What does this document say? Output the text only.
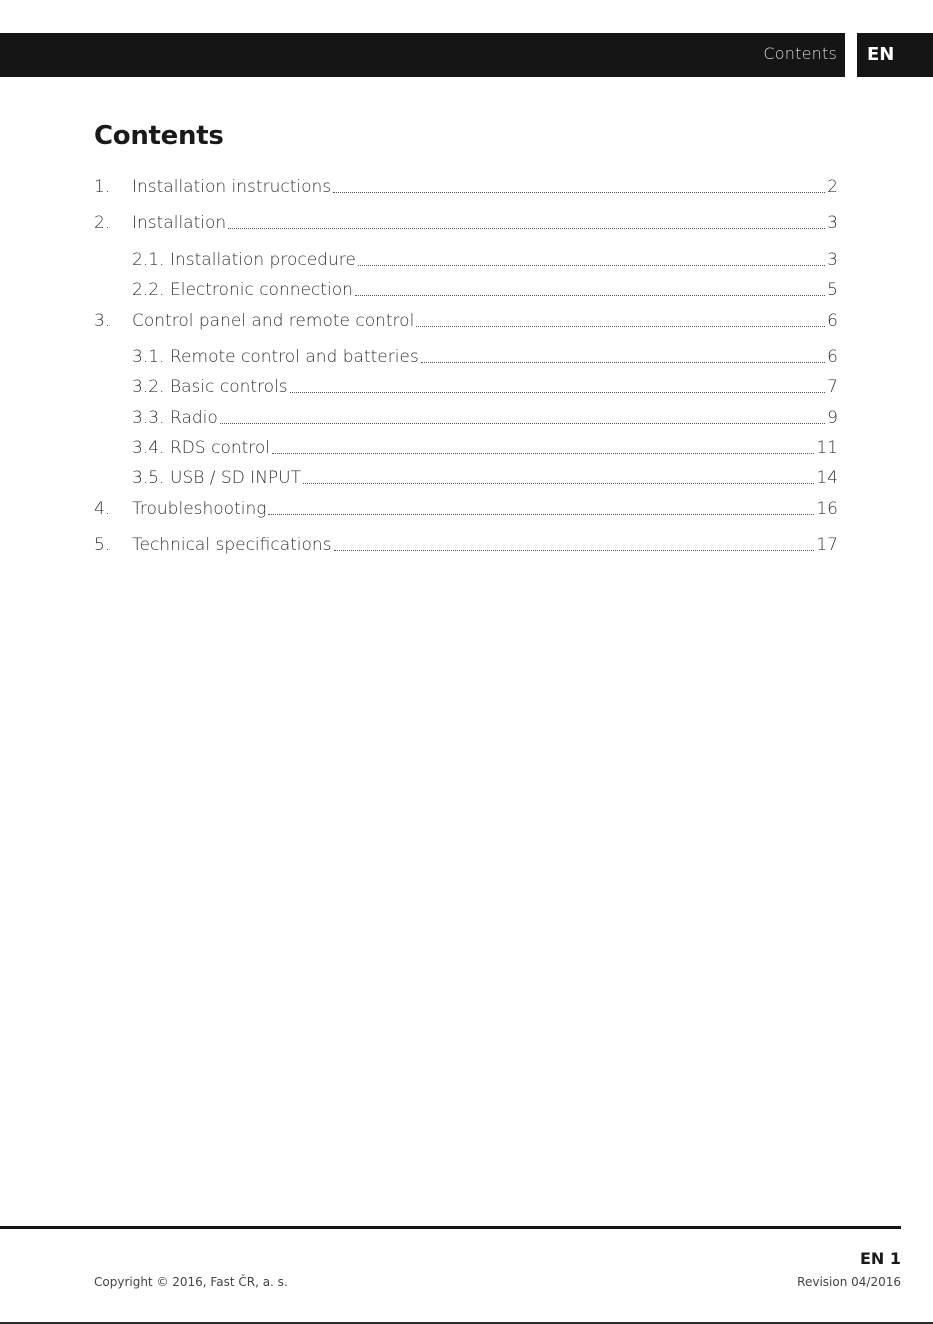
Contents	EN
Contents
1.	Installation instructions	2
2.	Installation	3
2.1. Installation procedure	3
2.2. Electronic connection	5
3.	Control panel and remote control	6
3.1. Remote control and batteries	6
3.2. Basic controls	7
3.3. Radio	9
3.4. RDS control	11
3.5. USB / SD INPUT	14
4.	Troubleshooting	16
5.	Technical specifications	17
EN 1
Copyright © 2016, Fast ČR, a. s.	Revision 04/2016
